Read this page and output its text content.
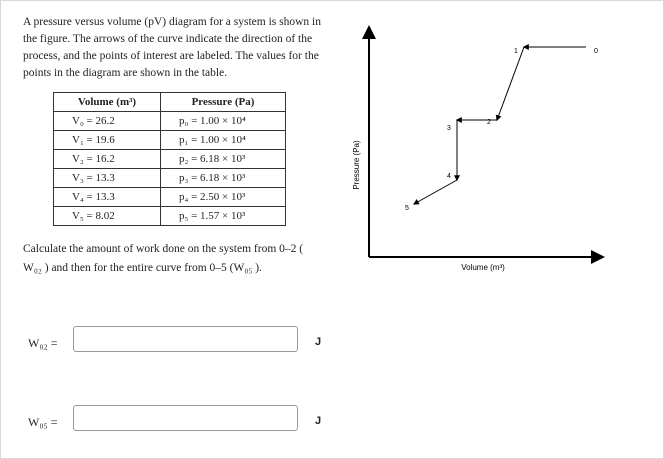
A pressure versus volume (pV) diagram for a system is shown in the figure. The arrows of the curve indicate the direction of the process, and the points of interest are labeled. The values for the points in the diagram are shown in the table.
Volume (m³)	Pressure (Pa)
V₀ = 26.2	p₀ = 1.00 × 10⁴
V₁ = 19.6	p₁ = 1.00 × 10⁴
V₂ = 16.2	p₂ = 6.18 × 10³
V₃ = 13.3	p₃ = 6.18 × 10³
V₄ = 13.3	p₄ = 2.50 × 10³
V₅ = 8.02	p₅ = 1.57 × 10³
Calculate the amount of work done on the system from 0–2 ( W₀₂ ) and then for the entire curve from 0–5 (W₀₅ ).
W₀₂ =	J
W₀₅ =	J
Pressure (Pa)
Volume (m³)
0
1
2
3
4
5
